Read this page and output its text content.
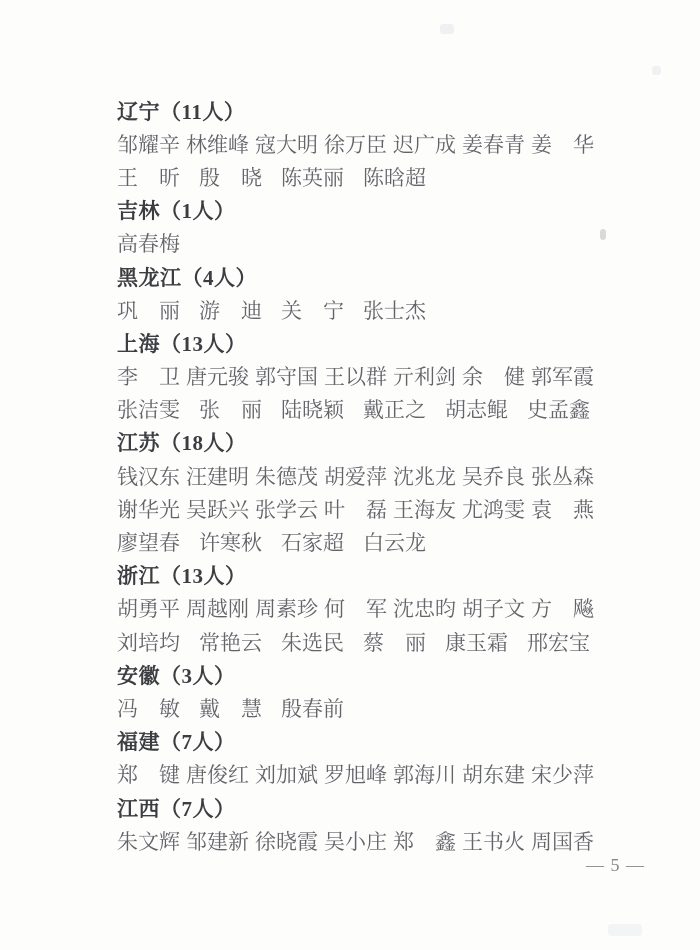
辽宁（11人）
邹耀辛 林维峰 寇大明 徐万臣 迟广成 姜春青 姜　华
王　昕 殷　晓 陈英丽 陈晗超
吉林（1人）
高春梅
黑龙江（4人）
巩　丽 游　迪 关　宁 张士杰
上海（13人）
李　卫 唐元骏 郭守国 王以群 亓利剑 余　健 郭军霞
张洁雯 张　丽 陆晓颖 戴正之 胡志鲲 史孟鑫
江苏（18人）
钱汉东 汪建明 朱德茂 胡爱萍 沈兆龙 吴乔良 张丛森
谢华光 吴跃兴 张学云 叶　磊 王海友 尤鸿雯 袁　燕
廖望春 许寒秋 石家超 白云龙
浙江（13人）
胡勇平 周越刚 周素珍 何　军 沈忠昀 胡子文 方　飚
刘培均 常艳云 朱选民 蔡　丽 康玉霜 邢宏宝
安徽（3人）
冯　敏 戴　慧 殷春前
福建（7人）
郑　键 唐俊红 刘加斌 罗旭峰 郭海川 胡东建 宋少萍
江西（7人）
朱文辉 邹建新 徐晓霞 吴小庄 郑　鑫 王书火 周国香
— 5 —
